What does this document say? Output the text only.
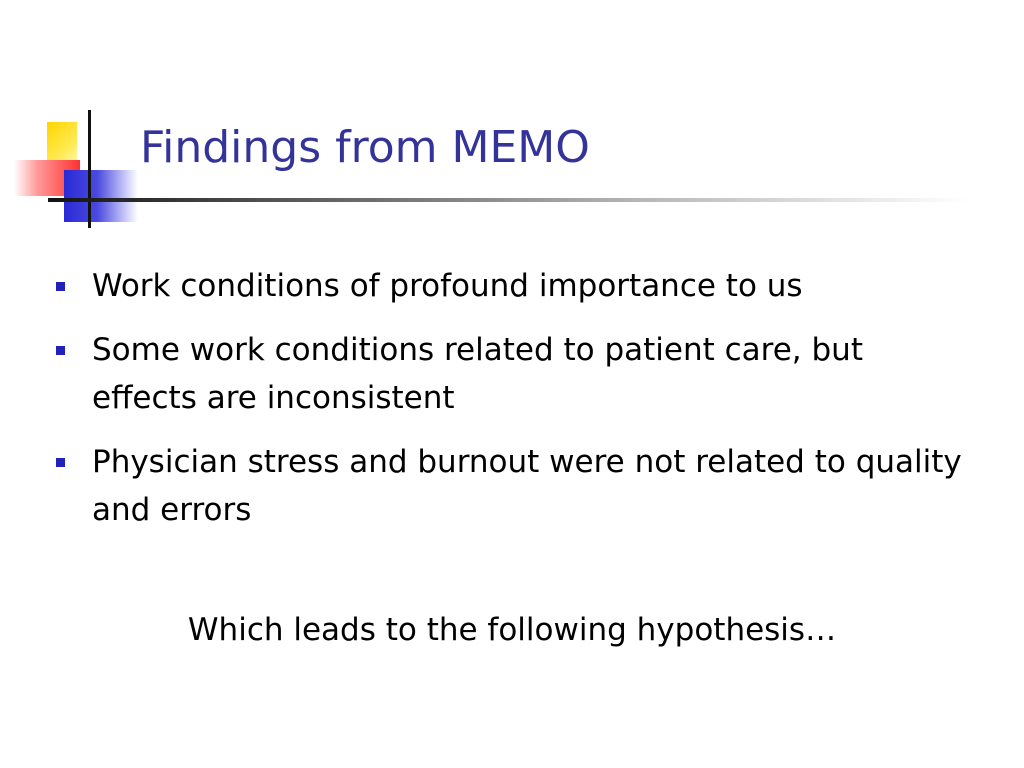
Findings from MEMO
Work conditions of profound importance to us
Some work conditions related to patient care, but effects are inconsistent
Physician stress and burnout were not related to quality and errors

Which leads to the following hypothesis…
